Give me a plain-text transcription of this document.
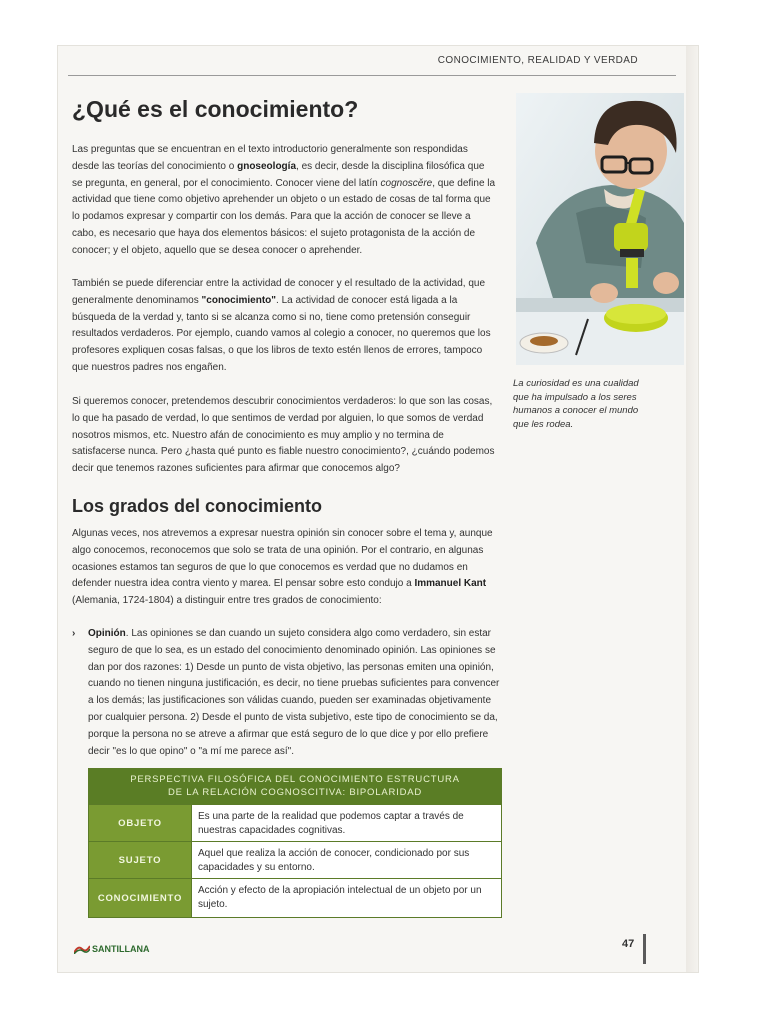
CONOCIMIENTO, REALIDAD Y VERDAD
¿Qué es el conocimiento?

Las preguntas que se encuentran en el texto introductorio generalmente son respondidas desde las teorías del conocimiento o gnoseología, es decir, desde la disciplina filosófica que se pregunta, en general, por el conocimiento. Conocer viene del latín cognoscĕre, que define la actividad que tiene como objetivo aprehender un objeto o un estado de cosas de tal forma que lo podamos expresar y compartir con los demás. Para que la acción de conocer se lleve a cabo, es necesario que haya dos elementos básicos: el sujeto protagonista de la acción de conocer; y el objeto, aquello que se desea conocer o aprehender.

También se puede diferenciar entre la actividad de conocer y el resultado de la actividad, que generalmente denominamos "conocimiento". La actividad de conocer está ligada a la búsqueda de la verdad y, tanto si se alcanza como si no, tiene como pretensión conseguir resultados verdaderos. Por ejemplo, cuando vamos al colegio a conocer, no queremos que los profesores expliquen cosas falsas, o que los libros de texto estén llenos de errores, tampoco que nuestros padres nos engañen.

Si queremos conocer, pretendemos descubrir conocimientos verdaderos: lo que son las cosas, lo que ha pasado de verdad, lo que sentimos de verdad por alguien, lo que somos de verdad nosotros mismos, etc. Nuestro afán de conocimiento es muy amplio y no termina de satisfacerse nunca. Pero ¿hasta qué punto es fiable nuestro conocimiento?, ¿cuándo podemos decir que tenemos razones suficientes para afirmar que conocemos algo?

La curiosidad es una cualidad que ha impulsado a los seres humanos a conocer el mundo que les rodea.
Los grados del conocimiento

Algunas veces, nos atrevemos a expresar nuestra opinión sin conocer sobre el tema y, aunque algo conocemos, reconocemos que solo se trata de una opinión. Por el contrario, en algunas ocasiones estamos tan seguros de que lo que conocemos es verdad que no dudamos en defender nuestra idea contra viento y marea. El pensar sobre esto condujo a Immanuel Kant (Alemania, 1724-1804) a distinguir entre tres grados de conocimiento:

› Opinión. Las opiniones se dan cuando un sujeto considera algo como verdadero, sin estar seguro de que lo sea, es un estado del conocimiento denominado opinión. Las opiniones se dan por dos razones: 1) Desde un punto de vista objetivo, las personas emiten una opinión, cuando no tienen ninguna justificación, es decir, no tiene pruebas suficientes para convencer a los demás; las justificaciones son válidas cuando, pueden ser examinadas objetivamente por cualquier persona. 2) Desde el punto de vista subjetivo, este tipo de conocimiento se da, porque la persona no se atreve a afirmar que está seguro de lo que dice y por ello prefiere decir "es lo que opino" o "a mí me parece así".
PERSPECTIVA FILOSÓFICA DEL CONOCIMIENTO ESTRUCTURA
DE LA RELACIÓN COGNOSCITIVA: BIPOLARIDAD
OBJETO
Es una parte de la realidad que podemos captar a través de nuestras capacidades cognitivas.
SUJETO
Aquel que realiza la acción de conocer, condicionado por sus capacidades y su entorno.
CONOCIMIENTO
Acción y efecto de la apropiación intelectual de un objeto por un sujeto.
SANTILLANA	47
